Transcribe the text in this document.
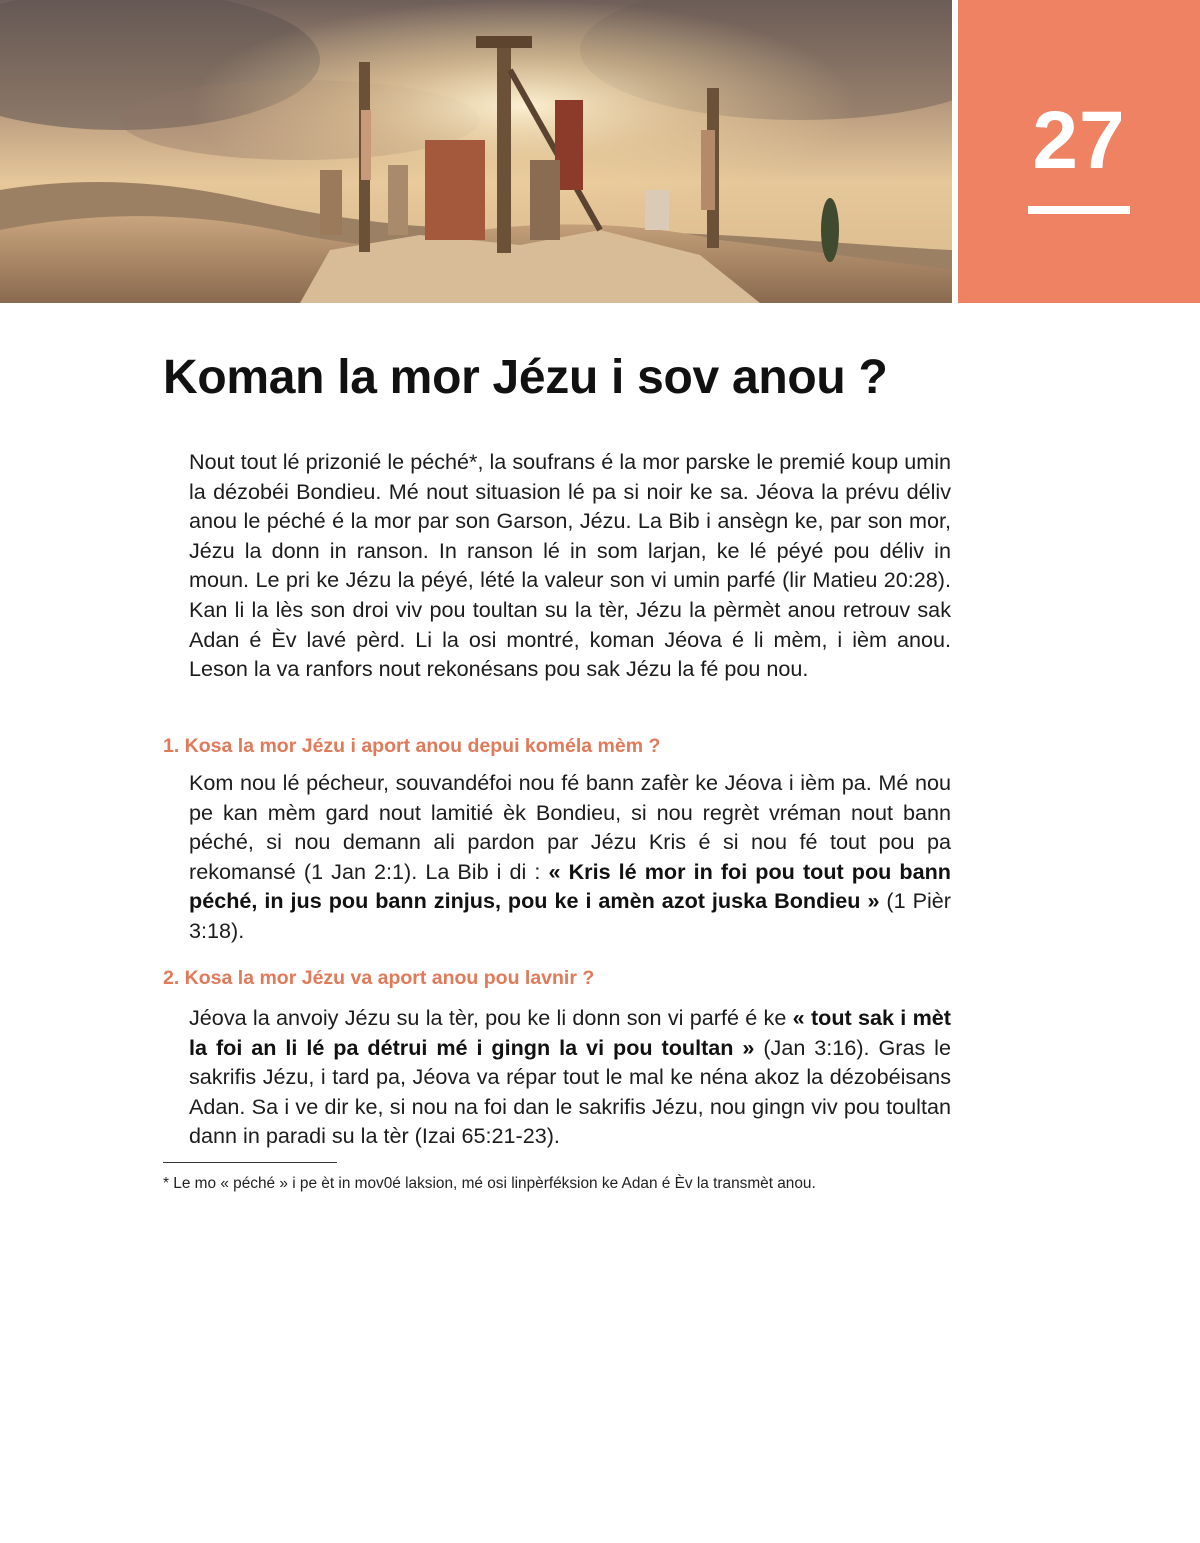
27
Koman la mor Jézu i sov anou ?

Nout tout lé prizonié le péché*, la soufrans é la mor parske le premié koup umin la dézobéi Bondieu. Mé nout situasion lé pa si noir ke sa. Jéova la prévu déliv anou le péché é la mor par son Garson, Jézu. La Bib i ansègn ke, par son mor, Jézu la donn in ranson. In ranson lé in som larjan, ke lé péyé pou déliv in moun. Le pri ke Jézu la péyé, lété la valeur son vi umin parfé (lir Matieu 20:28). Kan li la lès son droi viv pou toultan su la tèr, Jézu la pèrmèt anou retrouv sak Adan é Èv lavé pèrd. Li la osi montré, koman Jéova é li mèm, i ièm anou. Leson la va ranfors nout rekonésans pou sak Jézu la fé pou nou.

1. Kosa la mor Jézu i aport anou depui koméla mèm ?

Kom nou lé pécheur, souvandéfoi nou fé bann zafèr ke Jéova i ièm pa. Mé nou pe kan mèm gard nout lamitié èk Bondieu, si nou regrèt vréman nout bann péché, si nou demann ali pardon par Jézu Kris é si nou fé tout pou pa rekomansé (1 Jan 2:1). La Bib i di : « Kris lé mor in foi pou tout pou bann péché, in jus pou bann zinjus, pou ke i amèn azot juska Bondieu » (1 Pièr 3:18).

2. Kosa la mor Jézu va aport anou pou lavnir ?

Jéova la anvoiy Jézu su la tèr, pou ke li donn son vi parfé é ke « tout sak i mèt la foi an li lé pa détrui mé i gingn la vi pou toultan » (Jan 3:16). Gras le sakrifis Jézu, i tard pa, Jéova va répar tout le mal ke néna akoz la dézobéisans Adan. Sa i ve dir ke, si nou na foi dan le sakrifis Jézu, nou gingn viv pou toultan dann in paradi su la tèr (Izai 65:21-23).

* Le mo « péché » i pe èt in mov0é laksion, mé osi linpèrféksion ke Adan é Èv la transmèt anou.
